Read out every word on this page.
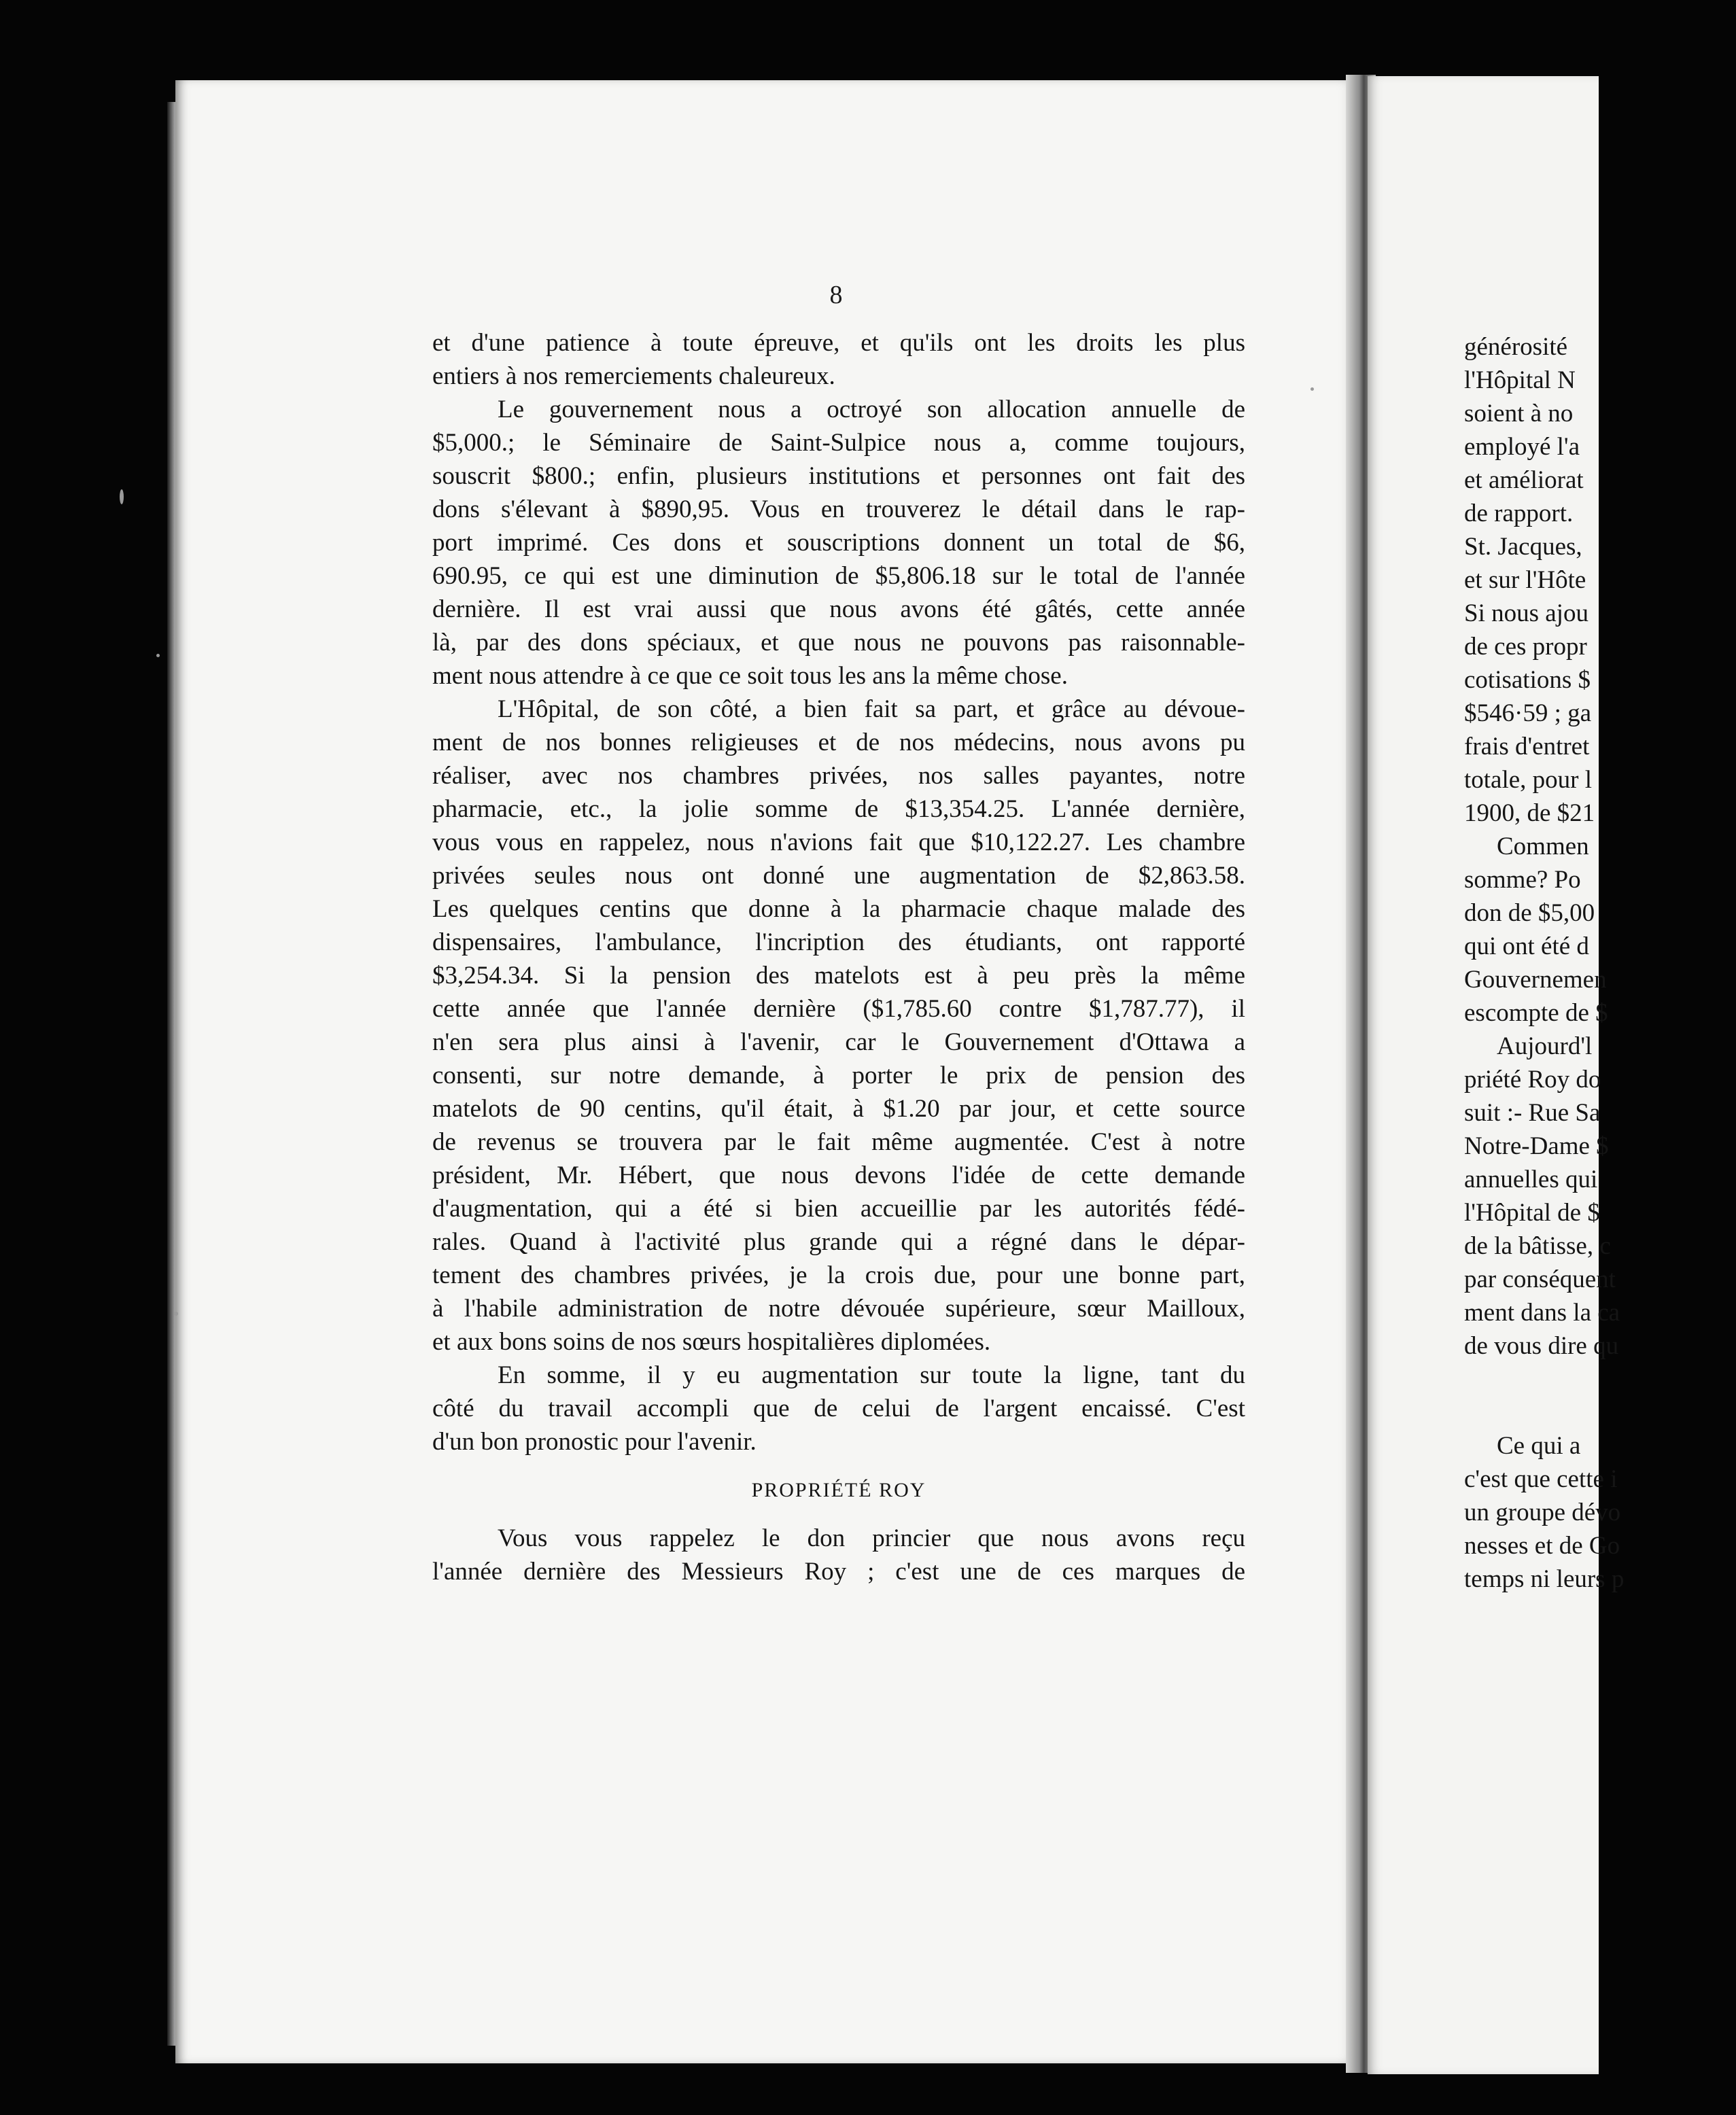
8
et d'une patience à toute épreuve, et qu'ils ont les droits les plus
entiers à nos remerciements chaleureux.
Le gouvernement nous a octroyé son allocation annuelle de
$5,000.; le Séminaire de Saint-Sulpice nous a, comme toujours,
souscrit $800.; enfin, plusieurs institutions et personnes ont fait des
dons s'élevant à $890,95. Vous en trouverez le détail dans le rap-
port imprimé. Ces dons et souscriptions donnent un total de $6,
690.95, ce qui est une diminution de $5,806.18 sur le total de l'année
dernière. Il est vrai aussi que nous avons été gâtés, cette année
là, par des dons spéciaux, et que nous ne pouvons pas raisonnable-
ment nous attendre à ce que ce soit tous les ans la même chose.
L'Hôpital, de son côté, a bien fait sa part, et grâce au dévoue-
ment de nos bonnes religieuses et de nos médecins, nous avons pu
réaliser, avec nos chambres privées, nos salles payantes, notre
pharmacie, etc., la jolie somme de $13,354.25. L'année dernière,
vous vous en rappelez, nous n'avions fait que $10,122.27. Les chambre
privées seules nous ont donné une augmentation de $2,863.58.
Les quelques centins que donne à la pharmacie chaque malade des
dispensaires, l'ambulance, l'incription des étudiants, ont rapporté
$3,254.34. Si la pension des matelots est à peu près la même
cette année que l'année dernière ($1,785.60 contre $1,787.77), il
n'en sera plus ainsi à l'avenir, car le Gouvernement d'Ottawa a
consenti, sur notre demande, à porter le prix de pension des
matelots de 90 centins, qu'il était, à $1.20 par jour, et cette source
de revenus se trouvera par le fait même augmentée. C'est à notre
président, Mr. Hébert, que nous devons l'idée de cette demande
d'augmentation, qui a été si bien accueillie par les autorités fédé-
rales. Quand à l'activité plus grande qui a régné dans le dépar-
tement des chambres privées, je la crois due, pour une bonne part,
à l'habile administration de notre dévouée supérieure, sœur Mailloux,
et aux bons soins de nos sœurs hospitalières diplomées.
En somme, il y eu augmentation sur toute la ligne, tant du
côté du travail accompli que de celui de l'argent encaissé. C'est
d'un bon pronostic pour l'avenir.
PROPRIÉTÉ ROY
Vous vous rappelez le don princier que nous avons reçu
l'année dernière des Messieurs Roy ; c'est une de ces marques de
générosité
l'Hôpital N
soient à no
employé l'a
et améliorat
de rapport.
St. Jacques,
et sur l'Hôte
Si nous ajou
de ces propr
cotisations $
$546·59 ; ga
frais d'entret
totale, pour l
1900, de $21
Commen
somme? Po
don de $5,00
qui ont été d
Gouvernemen
escompte de $
Aujourd'l
priété Roy do
suit :- Rue Sa
Notre-Dame $
annuelles qui
l'Hôpital de $
de la bâtisse, c
par conséquent
ment dans la ca
de vous dire qu
Ce qui a
c'est que cette i
un groupe dévo
nesses et de Go
temps ni leurs p
